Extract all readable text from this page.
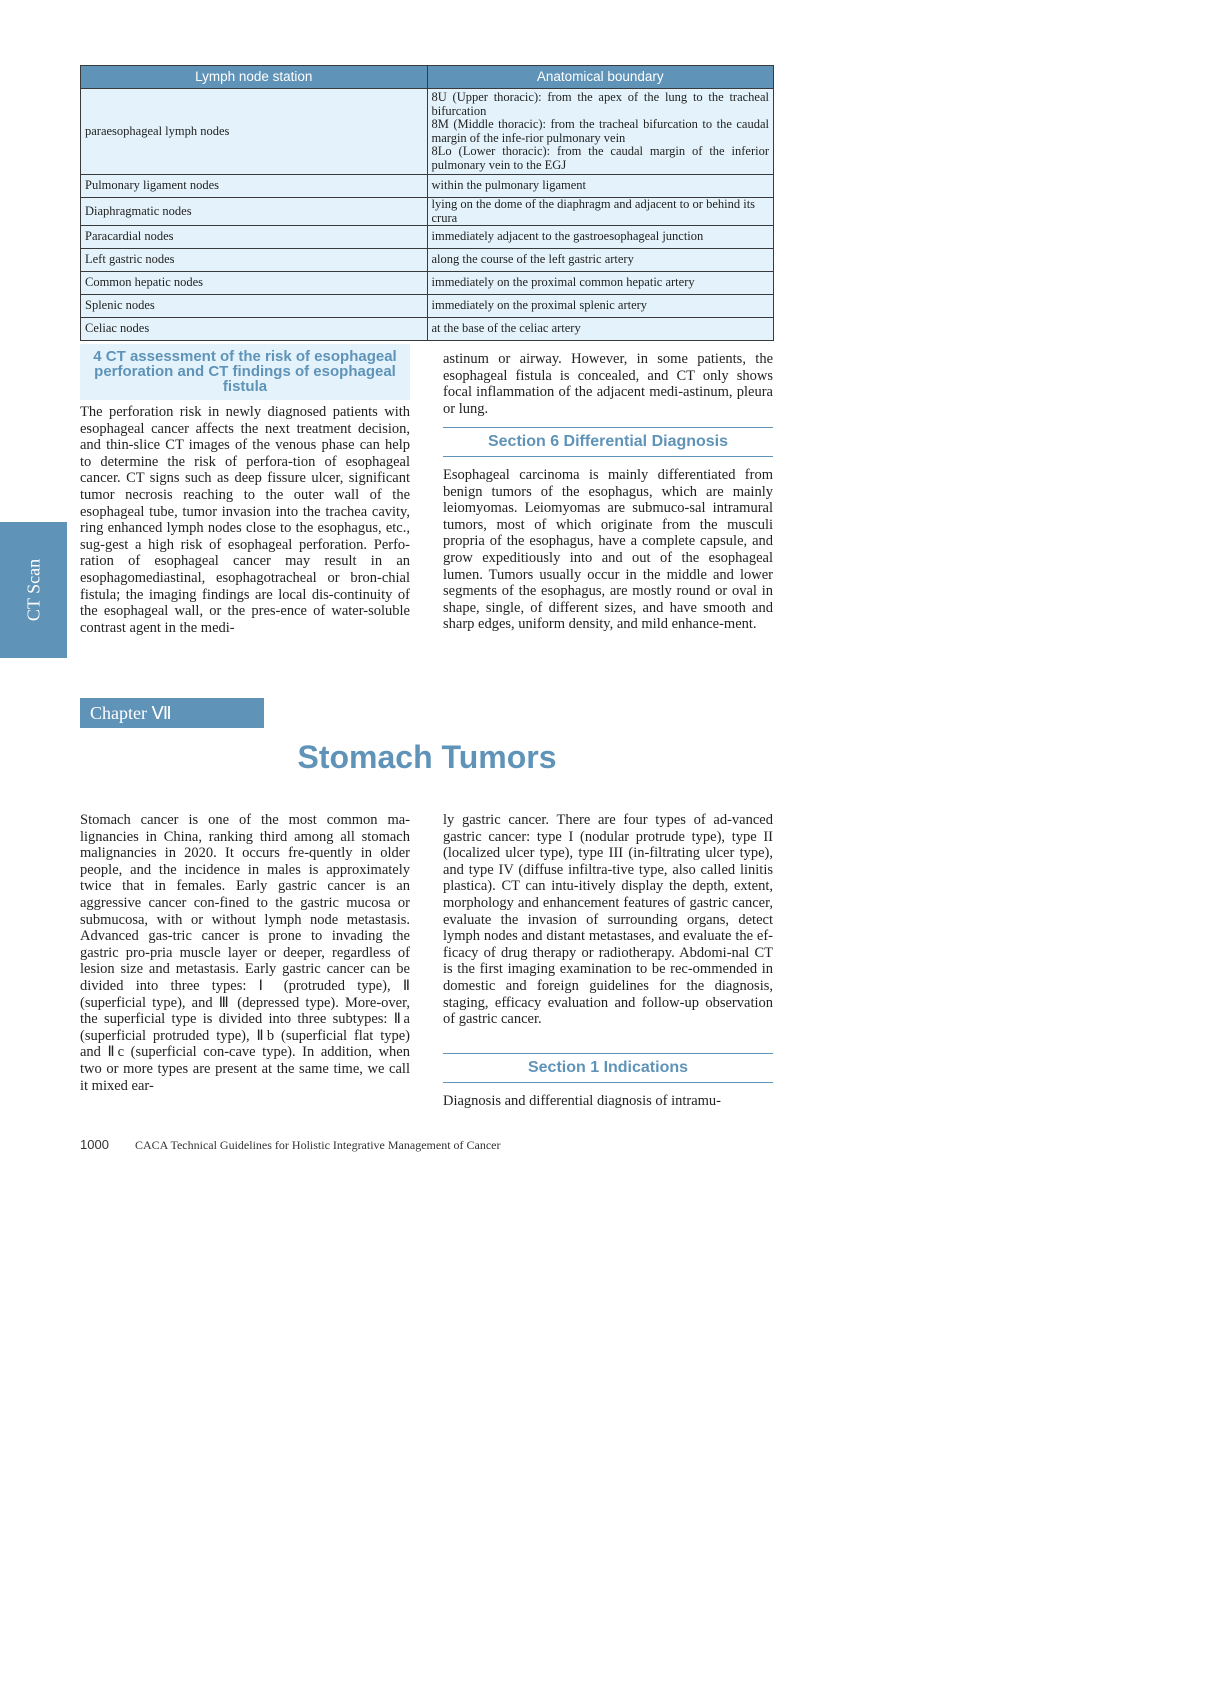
CT Scan
Lymph node station	Anatomical boundary
paraesophageal lymph nodes	8U (Upper thoracic): from the apex of the lung to the tracheal bifurcation
8M (Middle thoracic): from the tracheal bifurcation to the caudal margin of the infe-rior pulmonary vein
8Lo (Lower thoracic): from the caudal margin of the inferior pulmonary vein to the EGJ

Pulmonary ligament nodes	within the pulmonary ligament
Diaphragmatic nodes	lying on the dome of the diaphragm and adjacent to or behind its crura
Paracardial nodes	immediately adjacent to the gastroesophageal junction
Left gastric nodes	along the course of the left gastric artery
Common hepatic nodes	immediately on the proximal common hepatic artery
Splenic nodes	immediately on the proximal splenic artery
Celiac nodes	at the base of the celiac artery
4 CT assessment of the risk of esophageal perforation and CT findings of esophageal fistula

The perforation risk in newly diagnosed patients with esophageal cancer affects the next treatment decision, and thin-slice CT images of the venous phase can help to determine the risk of perfora-tion of esophageal cancer. CT signs such as deep fissure ulcer, significant tumor necrosis reaching to the outer wall of the esophageal tube, tumor invasion into the trachea cavity, ring enhanced lymph nodes close to the esophagus, etc., sug-gest a high risk of esophageal perforation. Perfo-ration of esophageal cancer may result in an esophagomediastinal, esophagotracheal or bron-chial fistula; the imaging findings are local dis-continuity of the esophageal wall, or the pres-ence of water-soluble contrast agent in the medi-

astinum or airway. However, in some patients, the esophageal fistula is concealed, and CT only shows focal inflammation of the adjacent medi-astinum, pleura or lung.

Section 6 Differential Diagnosis

Esophageal carcinoma is mainly differentiated from benign tumors of the esophagus, which are mainly leiomyomas. Leiomyomas are submuco-sal intramural tumors, most of which originate from the musculi propria of the esophagus, have a complete capsule, and grow expeditiously into and out of the esophageal lumen. Tumors usually occur in the middle and lower segments of the esophagus, are mostly round or oval in shape, single, of different sizes, and have smooth and sharp edges, uniform density, and mild enhance-ment.

Chapter Ⅶ
Stomach Tumors

Stomach cancer is one of the most common ma-lignancies in China, ranking third among all stomach malignancies in 2020. It occurs fre-quently in older people, and the incidence in males is approximately twice that in females. Early gastric cancer is an aggressive cancer con-fined to the gastric mucosa or submucosa, with or without lymph node metastasis. Advanced gas-tric cancer is prone to invading the gastric pro-pria muscle layer or deeper, regardless of lesion size and metastasis. Early gastric cancer can be divided into three types: Ⅰ (protruded type), Ⅱ (superficial type), and Ⅲ (depressed type). More-over, the superficial type is divided into three subtypes: Ⅱa (superficial protruded type), Ⅱb (superficial flat type) and Ⅱc (superficial con-cave type). In addition, when two or more types are present at the same time, we call it mixed ear-

ly gastric cancer. There are four types of ad-vanced gastric cancer: type I (nodular protrude type), type II (localized ulcer type), type III (in-filtrating ulcer type), and type IV (diffuse infiltra-tive type, also called linitis plastica). CT can intu-itively display the depth, extent, morphology and enhancement features of gastric cancer, evaluate the invasion of surrounding organs, detect lymph nodes and distant metastases, and evaluate the ef-ficacy of drug therapy or radiotherapy. Abdomi-nal CT is the first imaging examination to be rec-ommended in domestic and foreign guidelines for the diagnosis, staging, efficacy evaluation and follow-up observation of gastric cancer.

Section 1 Indications

Diagnosis and differential diagnosis of intramu-

1000 CACA Technical Guidelines for Holistic Integrative Management of Cancer
